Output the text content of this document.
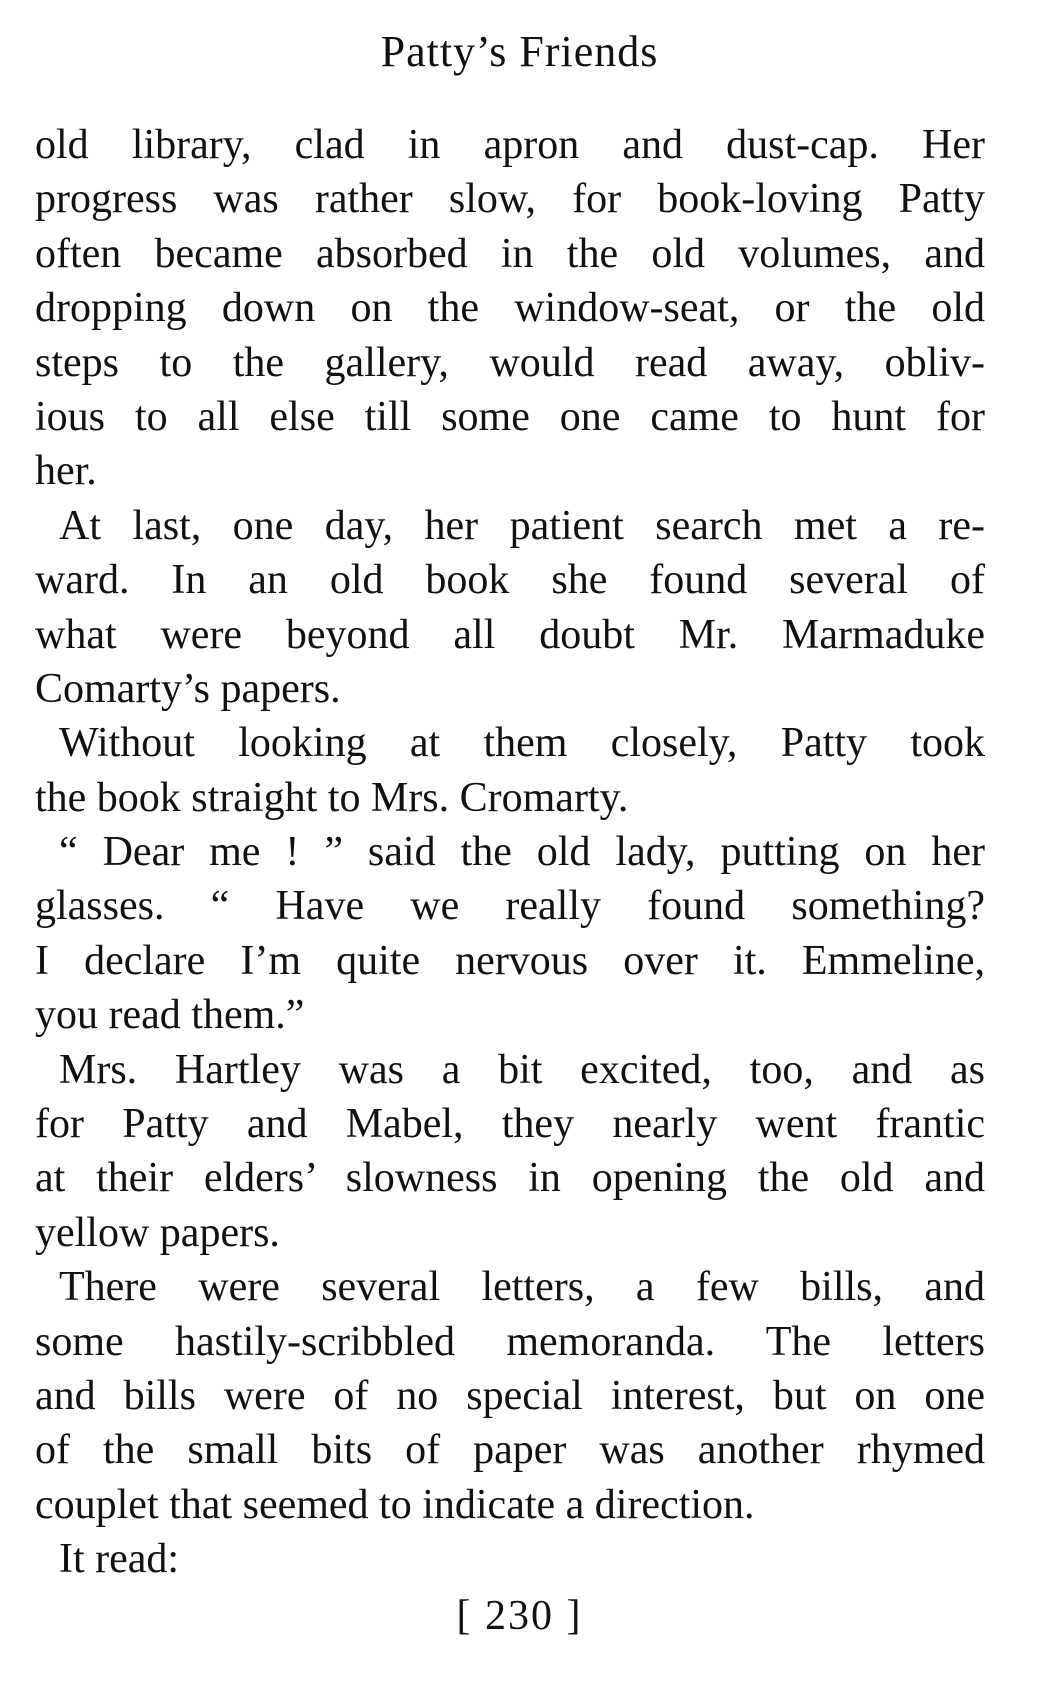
Patty’s Friends
old library, clad in apron and dust-cap. Her
progress was rather slow, for book-loving Patty
often became absorbed in the old volumes, and
dropping down on the window-seat, or the old
steps to the gallery, would read away, obliv-
ious to all else till some one came to hunt for
her.
At last, one day, her patient search met a re-
ward. In an old book she found several of
what were beyond all doubt Mr. Marmaduke
Comarty’s papers.
Without looking at them closely, Patty took
the book straight to Mrs. Cromarty.
“ Dear me ! ” said the old lady, putting on her
glasses. “ Have we really found something?
I declare I’m quite nervous over it. Emmeline,
you read them.”
Mrs. Hartley was a bit excited, too, and as
for Patty and Mabel, they nearly went frantic
at their elders’ slowness in opening the old and
yellow papers.
There were several letters, a few bills, and
some hastily-scribbled memoranda. The letters
and bills were of no special interest, but on one
of the small bits of paper was another rhymed
couplet that seemed to indicate a direction.
It read:
[ 230 ]
